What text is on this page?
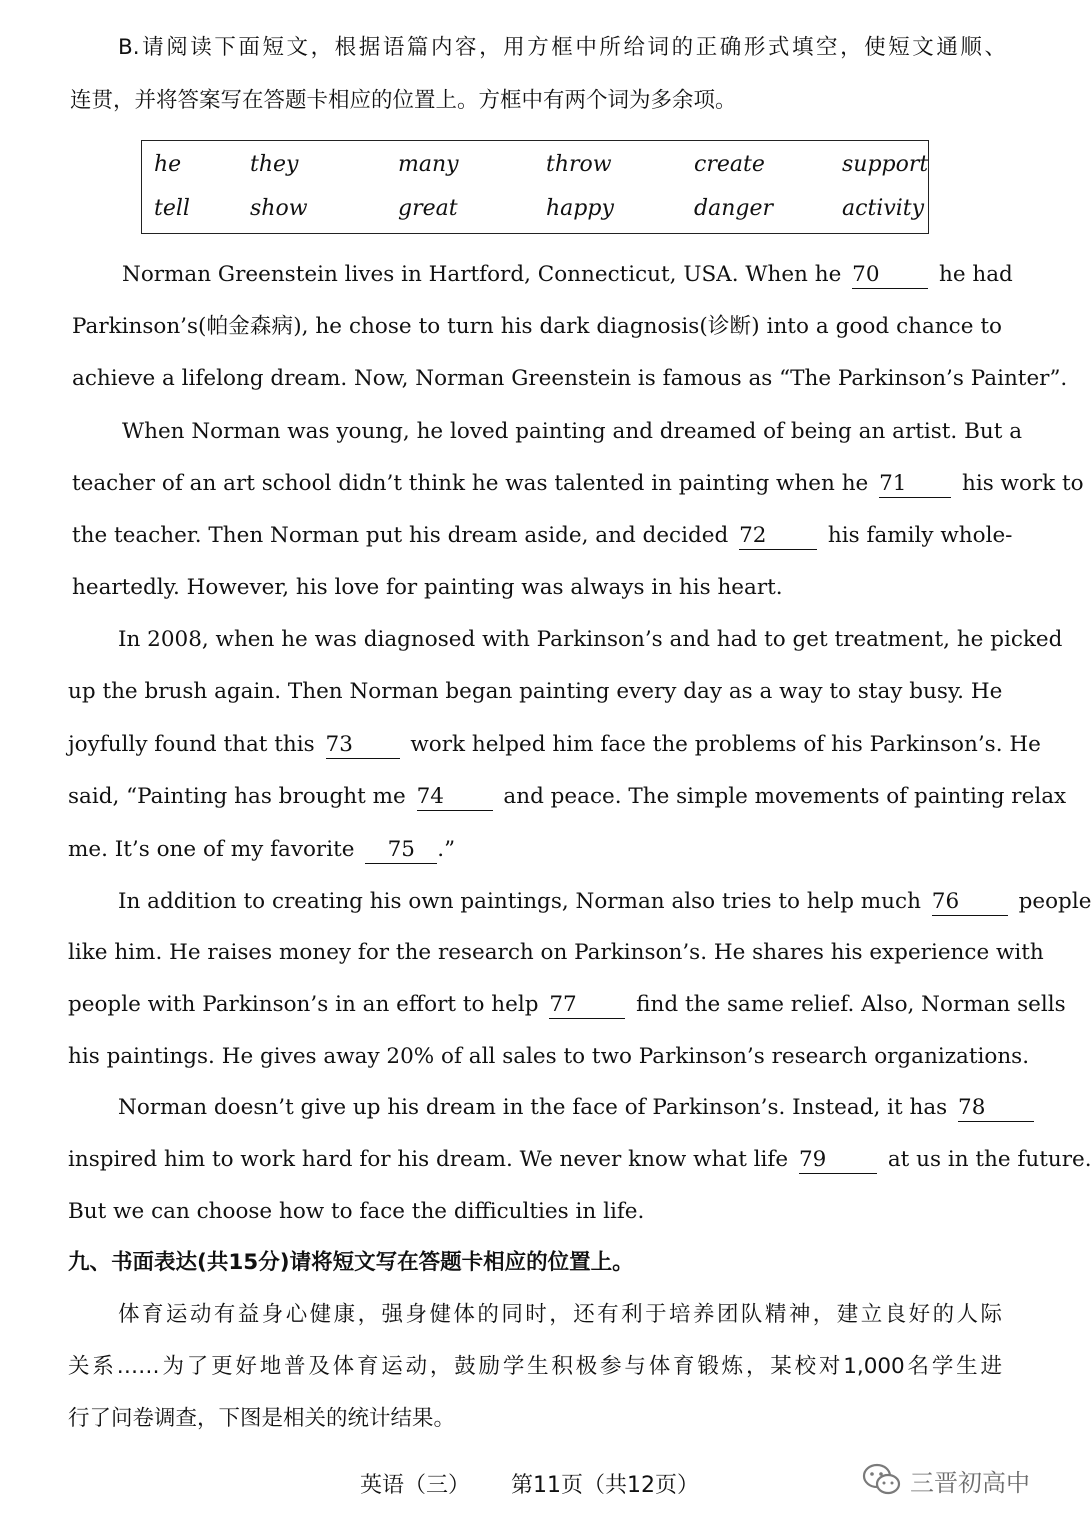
B.请阅读下面短文，根据语篇内容，用方框中所给词的正确形式填空，使短文通顺、
连贯，并将答案写在答题卡相应的位置上。方框中有两个词为多余项。
he	they	many	throw	create	support
tell	show	great	happy	danger	activity
Norman Greenstein lives in Hartford, Connecticut, USA. When he 70	he had
Parkinson’s(帕金森病), he chose to turn his dark diagnosis(诊断) into a good chance to
achieve a lifelong dream. Now, Norman Greenstein is famous as “The Parkinson’s Painter”.
When Norman was young, he loved painting and dreamed of being an artist. But a
teacher of an art school didn’t think he was talented in painting when he 71	his work to
the teacher. Then Norman put his dream aside, and decided 72	his family whole-
heartedly. However, his love for painting was always in his heart.
In 2008, when he was diagnosed with Parkinson’s and had to get treatment, he picked
up the brush again. Then Norman began painting every day as a way to stay busy. He
joyfully found that this 73	work helped him face the problems of his Parkinson’s. He
said, “Painting has brought me 74	and peace. The simple movements of painting relax
me. It’s one of my favorite 75 .”
In addition to creating his own paintings, Norman also tries to help much 76	people
like him. He raises money for the research on Parkinson’s. He shares his experience with
people with Parkinson’s in an effort to help 77	find the same relief. Also, Norman sells
his paintings. He gives away 20% of all sales to two Parkinson’s research organizations.
Norman doesn’t give up his dream in the face of Parkinson’s. Instead, it has 78
inspired him to work hard for his dream. We never know what life 79	at us in the future.
But we can choose how to face the difficulties in life.
九、书面表达(共15分)请将短文写在答题卡相应的位置上。
体育运动有益身心健康，强身健体的同时，还有利于培养团队精神，建立良好的人际
关系……为了更好地普及体育运动，鼓励学生积极参与体育锻炼，某校对1,000名学生进
行了问卷调查，下图是相关的统计结果。
英语（三） 第11页（共12页）	三晋初高中
